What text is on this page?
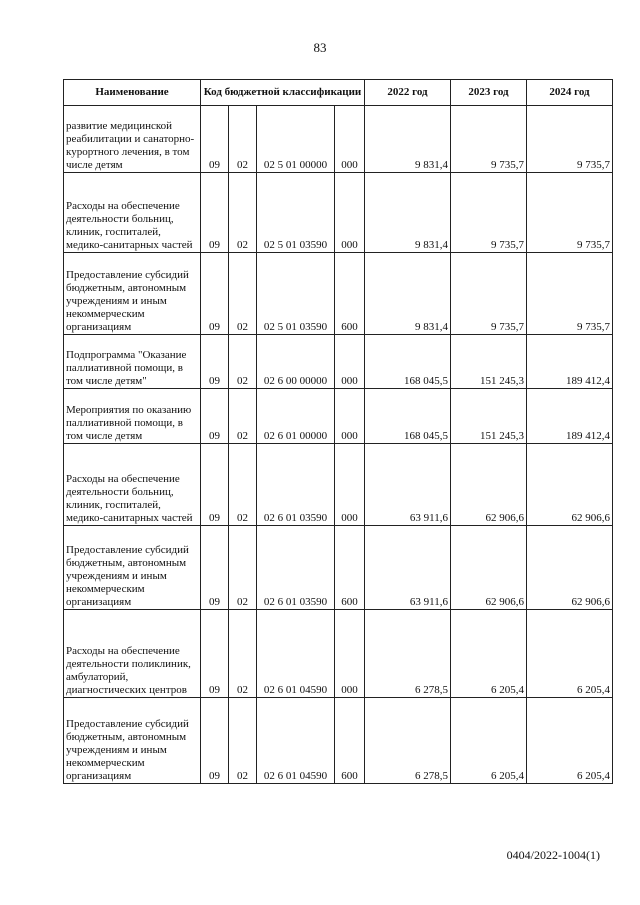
83
Наименование	Код бюджетной классификации				2022 год	2023 год	2024 год
развитие медицинской реабилитации и санаторно-курортного лечения, в том числе детям	09	02	02 5 01 00000	000	9 831,4	9 735,7	9 735,7
Расходы на обеспечение деятельности больниц, клиник, госпиталей, медико-санитарных частей	09	02	02 5 01 03590	000	9 831,4	9 735,7	9 735,7
Предоставление субсидий бюджетным, автономным учреждениям и иным некоммерческим организациям	09	02	02 5 01 03590	600	9 831,4	9 735,7	9 735,7
Подпрограмма "Оказание паллиативной помощи, в том числе детям"	09	02	02 6 00 00000	000	168 045,5	151 245,3	189 412,4
Мероприятия по оказанию паллиативной помощи, в том числе детям	09	02	02 6 01 00000	000	168 045,5	151 245,3	189 412,4
Расходы на обеспечение деятельности больниц, клиник, госпиталей, медико-санитарных частей	09	02	02 6 01 03590	000	63 911,6	62 906,6	62 906,6
Предоставление субсидий бюджетным, автономным учреждениям и иным некоммерческим организациям	09	02	02 6 01 03590	600	63 911,6	62 906,6	62 906,6
Расходы на обеспечение деятельности поликлиник, амбулаторий, диагностических центров	09	02	02 6 01 04590	000	6 278,5	6 205,4	6 205,4
Предоставление субсидий бюджетным, автономным учреждениям и иным некоммерческим организациям	09	02	02 6 01 04590	600	6 278,5	6 205,4	6 205,4
0404/2022-1004(1)
